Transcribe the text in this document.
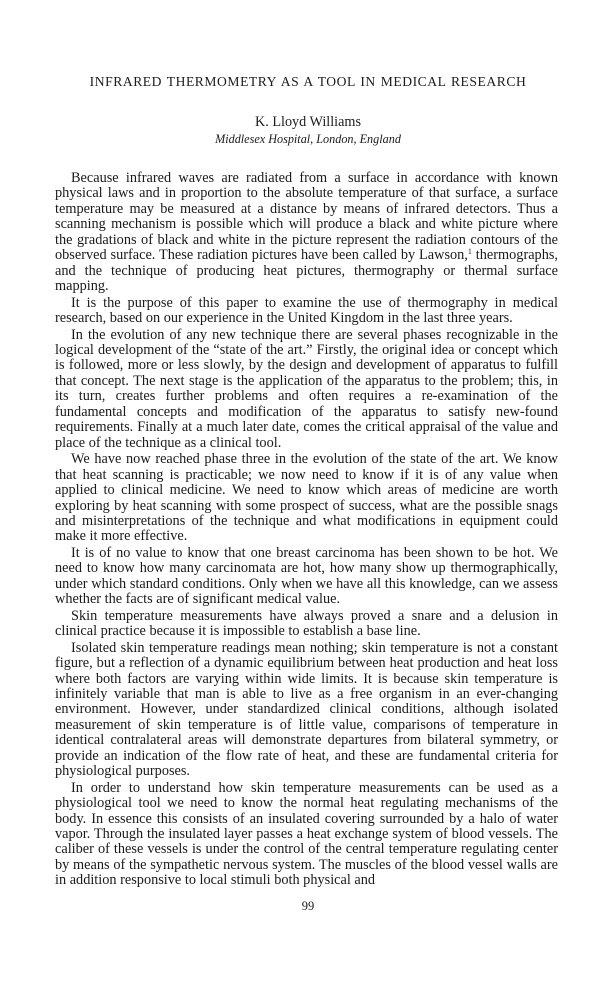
INFRARED THERMOMETRY AS A TOOL IN MEDICAL RESEARCH
K. Lloyd Williams
Middlesex Hospital, London, England

Because infrared waves are radiated from a surface in accordance with known physical laws and in proportion to the absolute temperature of that surface, a surface temperature may be measured at a distance by means of infrared detectors. Thus a scanning mechanism is possible which will produce a black and white picture where the gradations of black and white in the picture represent the radiation contours of the observed surface. These radiation pictures have been called by Lawson,$^1$ thermographs, and the technique of producing heat pictures, thermography or thermal surface mapping.

It is the purpose of this paper to examine the use of thermography in medical research, based on our experience in the United Kingdom in the last three years.

In the evolution of any new technique there are several phases recognizable in the logical development of the “state of the art.” Firstly, the original idea or concept which is followed, more or less slowly, by the design and development of apparatus to fulfill that concept. The next stage is the application of the apparatus to the problem; this, in its turn, creates further problems and often requires a re-examination of the fundamental concepts and modification of the apparatus to satisfy new-found requirements. Finally at a much later date, comes the critical appraisal of the value and place of the technique as a clinical tool.

We have now reached phase three in the evolution of the state of the art. We know that heat scanning is practicable; we now need to know if it is of any value when applied to clinical medicine. We need to know which areas of medicine are worth exploring by heat scanning with some prospect of success, what are the possible snags and misinterpretations of the technique and what modifications in equipment could make it more effective.

It is of no value to know that one breast carcinoma has been shown to be hot. We need to know how many carcinomata are hot, how many show up thermographically, under which standard conditions. Only when we have all this knowledge, can we assess whether the facts are of significant medical value.

Skin temperature measurements have always proved a snare and a delusion in clinical practice because it is impossible to establish a base line.

Isolated skin temperature readings mean nothing; skin temperature is not a constant figure, but a reflection of a dynamic equilibrium between heat production and heat loss where both factors are varying within wide limits. It is because skin temperature is infinitely variable that man is able to live as a free organism in an ever-changing environment. However, under standardized clinical conditions, although isolated measurement of skin temperature is of little value, comparisons of temperature in identical contralateral areas will demonstrate departures from bilateral symmetry, or provide an indication of the flow rate of heat, and these are fundamental criteria for physiological purposes.

In order to understand how skin temperature measurements can be used as a physiological tool we need to know the normal heat regulating mechanisms of the body. In essence this consists of an insulated covering surrounded by a halo of water vapor. Through the insulated layer passes a heat exchange system of blood vessels. The caliber of these vessels is under the control of the central temperature regulating center by means of the sympathetic nervous system. The muscles of the blood vessel walls are in addition responsive to local stimuli both physical and

99
